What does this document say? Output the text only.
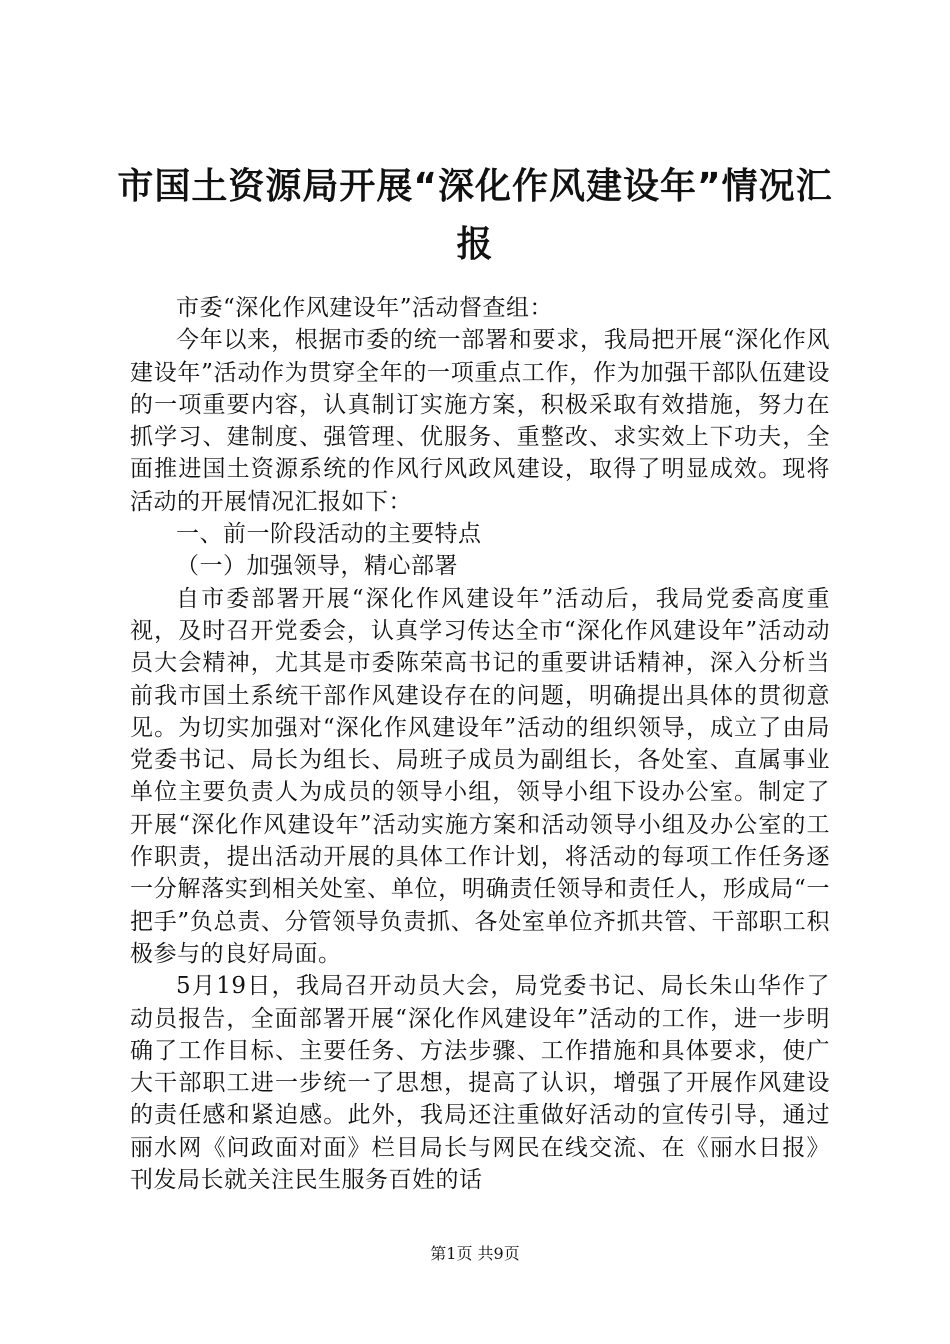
市国土资源局开展“深化作风建设年”情况汇报

市委“深化作风建设年”活动督查组：

今年以来，根据市委的统一部署和要求，我局把开展“深化作风建设年”活动作为贯穿全年的一项重点工作，作为加强干部队伍建设的一项重要内容，认真制订实施方案，积极采取有效措施，努力在抓学习、建制度、强管理、优服务、重整改、求实效上下功夫，全面推进国土资源系统的作风行风政风建设，取得了明显成效。现将活动的开展情况汇报如下：

一、前一阶段活动的主要特点

（一）加强领导，精心部署

自市委部署开展“深化作风建设年”活动后，我局党委高度重视，及时召开党委会，认真学习传达全市“深化作风建设年”活动动员大会精神，尤其是市委陈荣高书记的重要讲话精神，深入分析当前我市国土系统干部作风建设存在的问题，明确提出具体的贯彻意见。为切实加强对“深化作风建设年”活动的组织领导，成立了由局党委书记、局长为组长、局班子成员为副组长，各处室、直属事业单位主要负责人为成员的领导小组，领导小组下设办公室。制定了开展“深化作风建设年”活动实施方案和活动领导小组及办公室的工作职责，提出活动开展的具体工作计划，将活动的每项工作任务逐一分解落实到相关处室、单位，明确责任领导和责任人，形成局“一把手”负总责、分管领导负责抓、各处室单位齐抓共管、干部职工积极参与的良好局面。

5月19日，我局召开动员大会，局党委书记、局长朱山华作了动员报告，全面部署开展“深化作风建设年”活动的工作，进一步明确了工作目标、主要任务、方法步骤、工作措施和具体要求，使广大干部职工进一步统一了思想，提高了认识，增强了开展作风建设的责任感和紧迫感。此外，我局还注重做好活动的宣传引导，通过丽水网《问政面对面》栏目局长与网民在线交流、在《丽水日报》刊发局长就关注民生服务百姓的话

第1页 共9页
